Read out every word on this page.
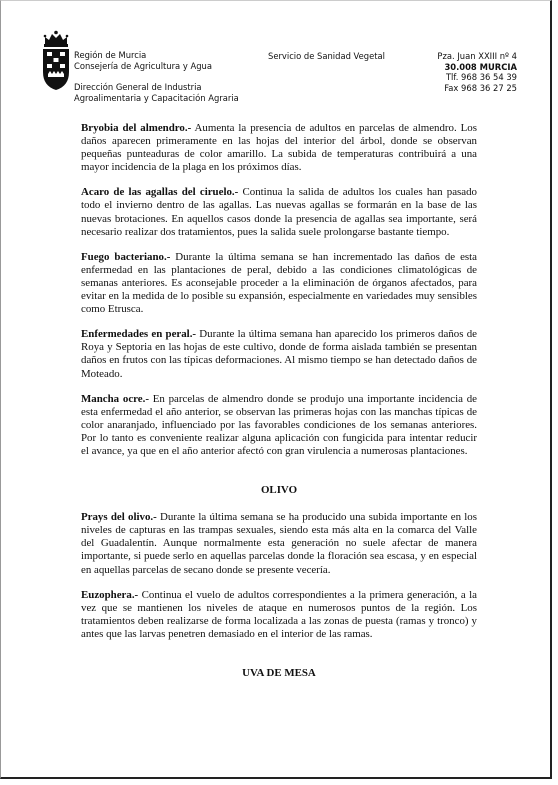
Región de Murcia
Consejería de Agricultura y Agua
Dirección General de Industria
Agroalimentaria y Capacitación Agraria
Servicio de Sanidad Vegetal	Pza. Juan XXIII nº 4
30.008 MURCIA
Tlf. 968 36 54 39
Fax 968 36 27 25

Bryobia del almendro.- Aumenta la presencia de adultos en parcelas de almendro. Los daños aparecen primeramente en las hojas del interior del árbol, donde se observan pequeñas punteaduras de color amarillo. La subida de temperaturas contribuirá a una mayor incidencia de la plaga en los próximos días.

Acaro de las agallas del ciruelo.- Continua la salida de adultos los cuales han pasado todo el invierno dentro de las agallas. Las nuevas agallas se formarán en la base de las nuevas brotaciones. En aquellos casos donde la presencia de agallas sea importante, será necesario realizar dos tratamientos, pues la salida suele prolongarse bastante tiempo.

Fuego bacteriano.- Durante la última semana se han incrementado las daños de esta enfermedad en las plantaciones de peral, debido a las condiciones climatológicas de semanas anteriores. Es aconsejable proceder a la eliminación de órganos afectados, para evitar en la medida de lo posible su expansión, especialmente en variedades muy sensibles como Etrusca.

Enfermedades en peral.- Durante la última semana han aparecido los primeros daños de Roya y Septoria en las hojas de este cultivo, donde de forma aislada también se presentan daños en frutos con las típicas deformaciones. Al mismo tiempo se han detectado daños de Moteado.

Mancha ocre.- En parcelas de almendro donde se produjo una importante incidencia de esta enfermedad el año anterior, se observan las primeras hojas con las manchas típicas de color anaranjado, influenciado por las favorables condiciones de los semanas anteriores. Por lo tanto es conveniente realizar alguna aplicación con fungicida para intentar reducir el avance, ya que en el año anterior afectó con gran virulencia a numerosas plantaciones.

OLIVO

Prays del olivo.- Durante la última semana se ha producido una subida importante en los niveles de capturas en las trampas sexuales, siendo esta más alta en la comarca del Valle del Guadalentín. Aunque normalmente esta generación no suele afectar de manera importante, si puede serlo en aquellas parcelas donde la floración sea escasa, y en especial en aquellas parcelas de secano donde se presente vecería.

Euzophera.- Continua el vuelo de adultos correspondientes a la primera generación, a la vez que se mantienen los niveles de ataque en numerosos puntos de la región. Los tratamientos deben realizarse de forma localizada a las zonas de puesta (ramas y tronco) y antes que las larvas penetren demasiado en el interior de las ramas.

UVA DE MESA
